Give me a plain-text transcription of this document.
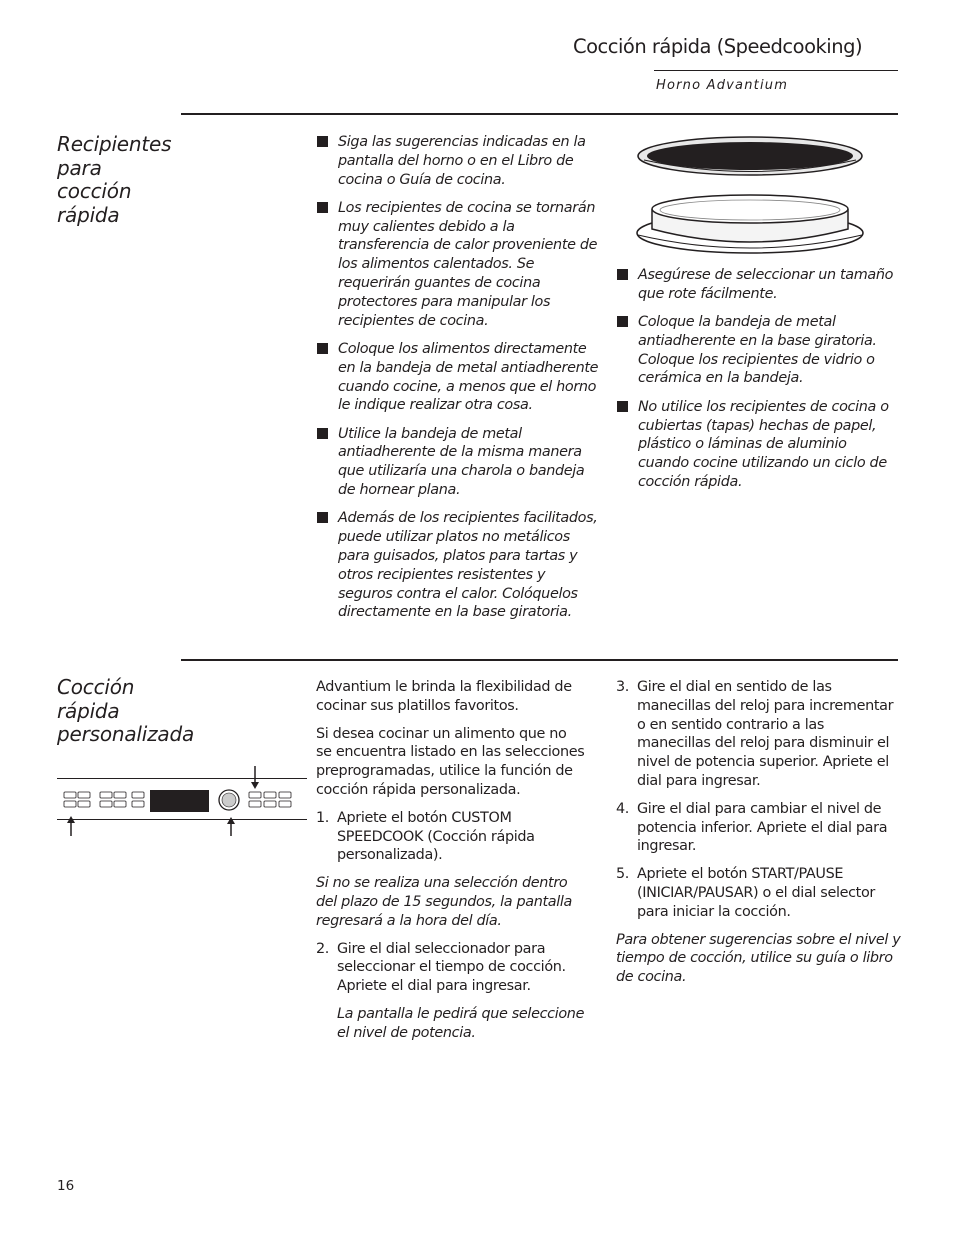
Cocción rápida (Speedcooking)
Horno Advantium
Recipientes
para
cocción
rápida
Siga las sugerencias indicadas en la pantalla del horno o en el Libro de cocina o Guía de cocina.
Los recipientes de cocina se tornarán muy calientes debido a la transferencia de calor proveniente de los alimentos calentados. Se requerirán guantes de cocina protectores para manipular los recipientes de cocina.
Coloque los alimentos directamente en la bandeja de metal antiadherente cuando cocine, a menos que el horno le indique realizar otra cosa.
Utilice la bandeja de metal antiadherente de la misma manera que utilizaría una charola o bandeja de hornear plana.
Además de los recipientes facilitados, puede utilizar platos no metálicos para guisados, platos para tartas y otros recipientes resistentes y seguros contra el calor. Colóquelos directamente en la base giratoria.
Asegúrese de seleccionar un tamaño que rote fácilmente.
Coloque la bandeja de metal antiadherente en la base giratoria. Coloque los recipientes de vidrio o cerámica en la bandeja.
No utilice los recipientes de cocina o cubiertas (tapas) hechas de papel, plástico o láminas de aluminio cuando cocine utilizando un ciclo de cocción rápida.
Cocción
rápida
personalizada

Advantium le brinda la flexibilidad de cocinar sus platillos favoritos.

Si desea cocinar un alimento que no se encuentra listado en las selecciones preprogramadas, utilice la función de cocción rápida personalizada.

1. Apriete el botón CUSTOM SPEEDCOOK (Cocción rápida personalizada).

Si no se realiza una selección dentro del plazo de 15 segundos, la pantalla regresará a la hora del día.

2. Gire el dial seleccionador para seleccionar el tiempo de cocción. Apriete el dial para ingresar.

La pantalla le pedirá que seleccione el nivel de potencia.

3. Gire el dial en sentido de las manecillas del reloj para incrementar o en sentido contrario a las manecillas del reloj para disminuir el nivel de potencia superior. Apriete el dial para ingresar.
4. Gire el dial para cambiar el nivel de potencia inferior. Apriete el dial para ingresar.
5. Apriete el botón START/PAUSE (INICIAR/PAUSAR) o el dial selector para iniciar la cocción.

Para obtener sugerencias sobre el nivel y tiempo de cocción, utilice su guía o libro de cocina.

16
